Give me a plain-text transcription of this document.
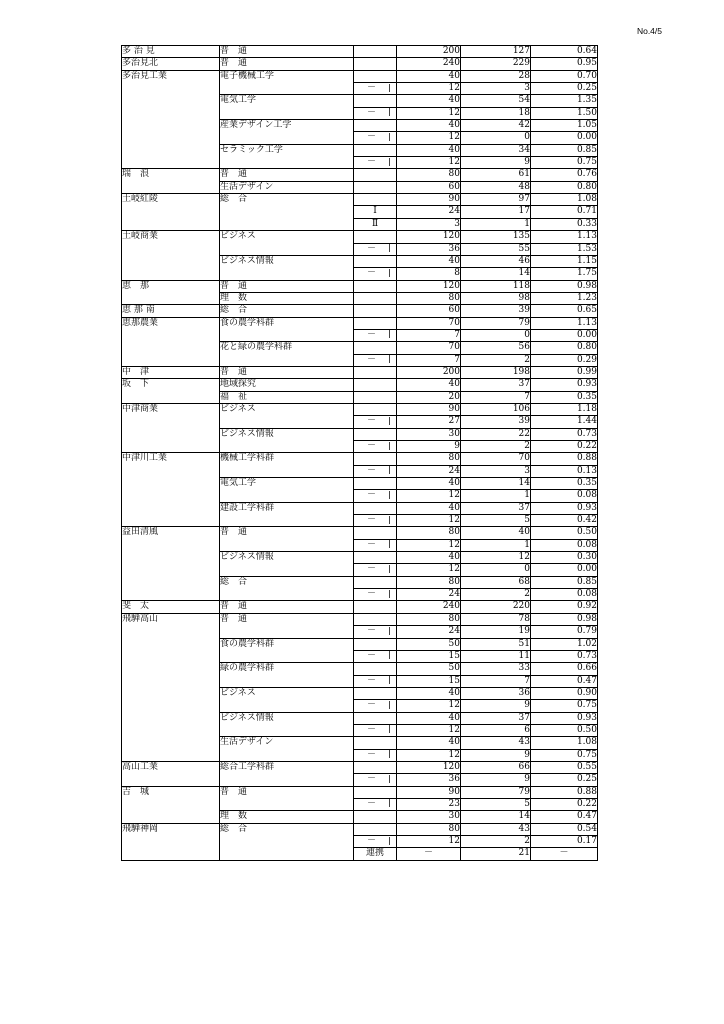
No.4/5
多 治 見	普　通		200	127	0.64
多治見北	普　通		240	229	0.95
多治見工業	電子機械工学		40	28	0.70
		－	12	3	0.25
	電気工学		40	54	1.35
		－	12	18	1.50
	産業デザイン工学		40	42	1.05
		－	12	0	0.00
	セラミック工学		40	34	0.85
		－	12	9	0.75
瑞　浪	普　通		80	61	0.76
	生活デザイン		60	48	0.80
土岐紅陵	総　合		90	97	1.08
		Ⅰ	24	17	0.71
		Ⅱ	3	1	0.33
土岐商業	ビジネス		120	135	1.13
		－	36	55	1.53
	ビジネス情報		40	46	1.15
		－	8	14	1.75
恵　那	普　通		120	118	0.98
	理　数		80	98	1.23
恵 那 南	総　合		60	39	0.65
恵那農業	食の農学科群		70	79	1.13
		－	7	0	0.00
	花と緑の農学科群		70	56	0.80
		－	7	2	0.29
中　津	普　通		200	198	0.99
坂　下	地域探究		40	37	0.93
	福　祉		20	7	0.35
中津商業	ビジネス		90	106	1.18
		－	27	39	1.44
	ビジネス情報		30	22	0.73
		－	9	2	0.22
中津川工業	機械工学科群		80	70	0.88
		－	24	3	0.13
	電気工学		40	14	0.35
		－	12	1	0.08
	建設工学科群		40	37	0.93
		－	12	5	0.42
益田清風	普　通		80	40	0.50
		－	12	1	0.08
	ビジネス情報		40	12	0.30
		－	12	0	0.00
	総　合		80	68	0.85
		－	24	2	0.08
斐　太	普　通		240	220	0.92
飛騨高山	普　通		80	78	0.98
		－	24	19	0.79
	食の農学科群		50	51	1.02
		－	15	11	0.73
	緑の農学科群		50	33	0.66
		－	15	7	0.47
	ビジネス		40	36	0.90
		－	12	9	0.75
	ビジネス情報		40	37	0.93
		－	12	6	0.50
	生活デザイン		40	43	1.08
		－	12	9	0.75
高山工業	総合工学科群		120	66	0.55
		－	36	9	0.25
吉　城	普　通		90	79	0.88
		－	23	5	0.22
	理　数		30	14	0.47
飛騨神岡	総　合		80	43	0.54
		－	12	2	0.17
		連携	－	21	－
